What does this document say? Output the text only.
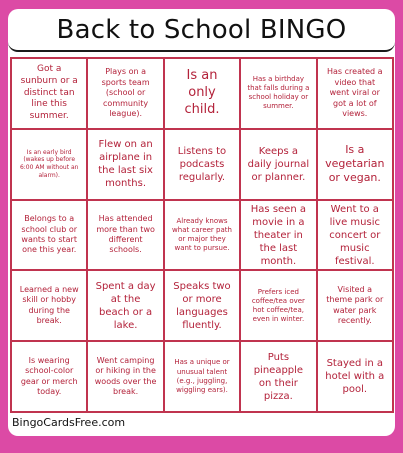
Back to School BINGO
Got a sunburn or a distinct tan line this summer.
Plays on a sports team (school or community league).
Is an only child.
Has a birthday that falls during a school holiday or summer.
Has created a video that went viral or got a lot of views.
Is an early bird (wakes up before 6:00 AM without an alarm).
Flew on an airplane in the last six months.
Listens to podcasts regularly.
Keeps a daily journal or planner.
Is a vegetarian or vegan.
Belongs to a school club or wants to start one this year.
Has attended more than two different schools.
Already knows what career path or major they want to pursue.
Has seen a movie in a theater in the last month.
Went to a live music concert or music festival.
Learned a new skill or hobby during the break.
Spent a day at the beach or a lake.
Speaks two or more languages fluently.
Prefers iced coffee/tea over hot coffee/tea, even in winter.
Visited a theme park or water park recently.
Is wearing school-color gear or merch today.
Went camping or hiking in the woods over the break.
Has a unique or unusual talent (e.g., juggling, wiggling ears).
Puts pineapple on their pizza.
Stayed in a hotel with a pool.
BingoCardsFree.com
